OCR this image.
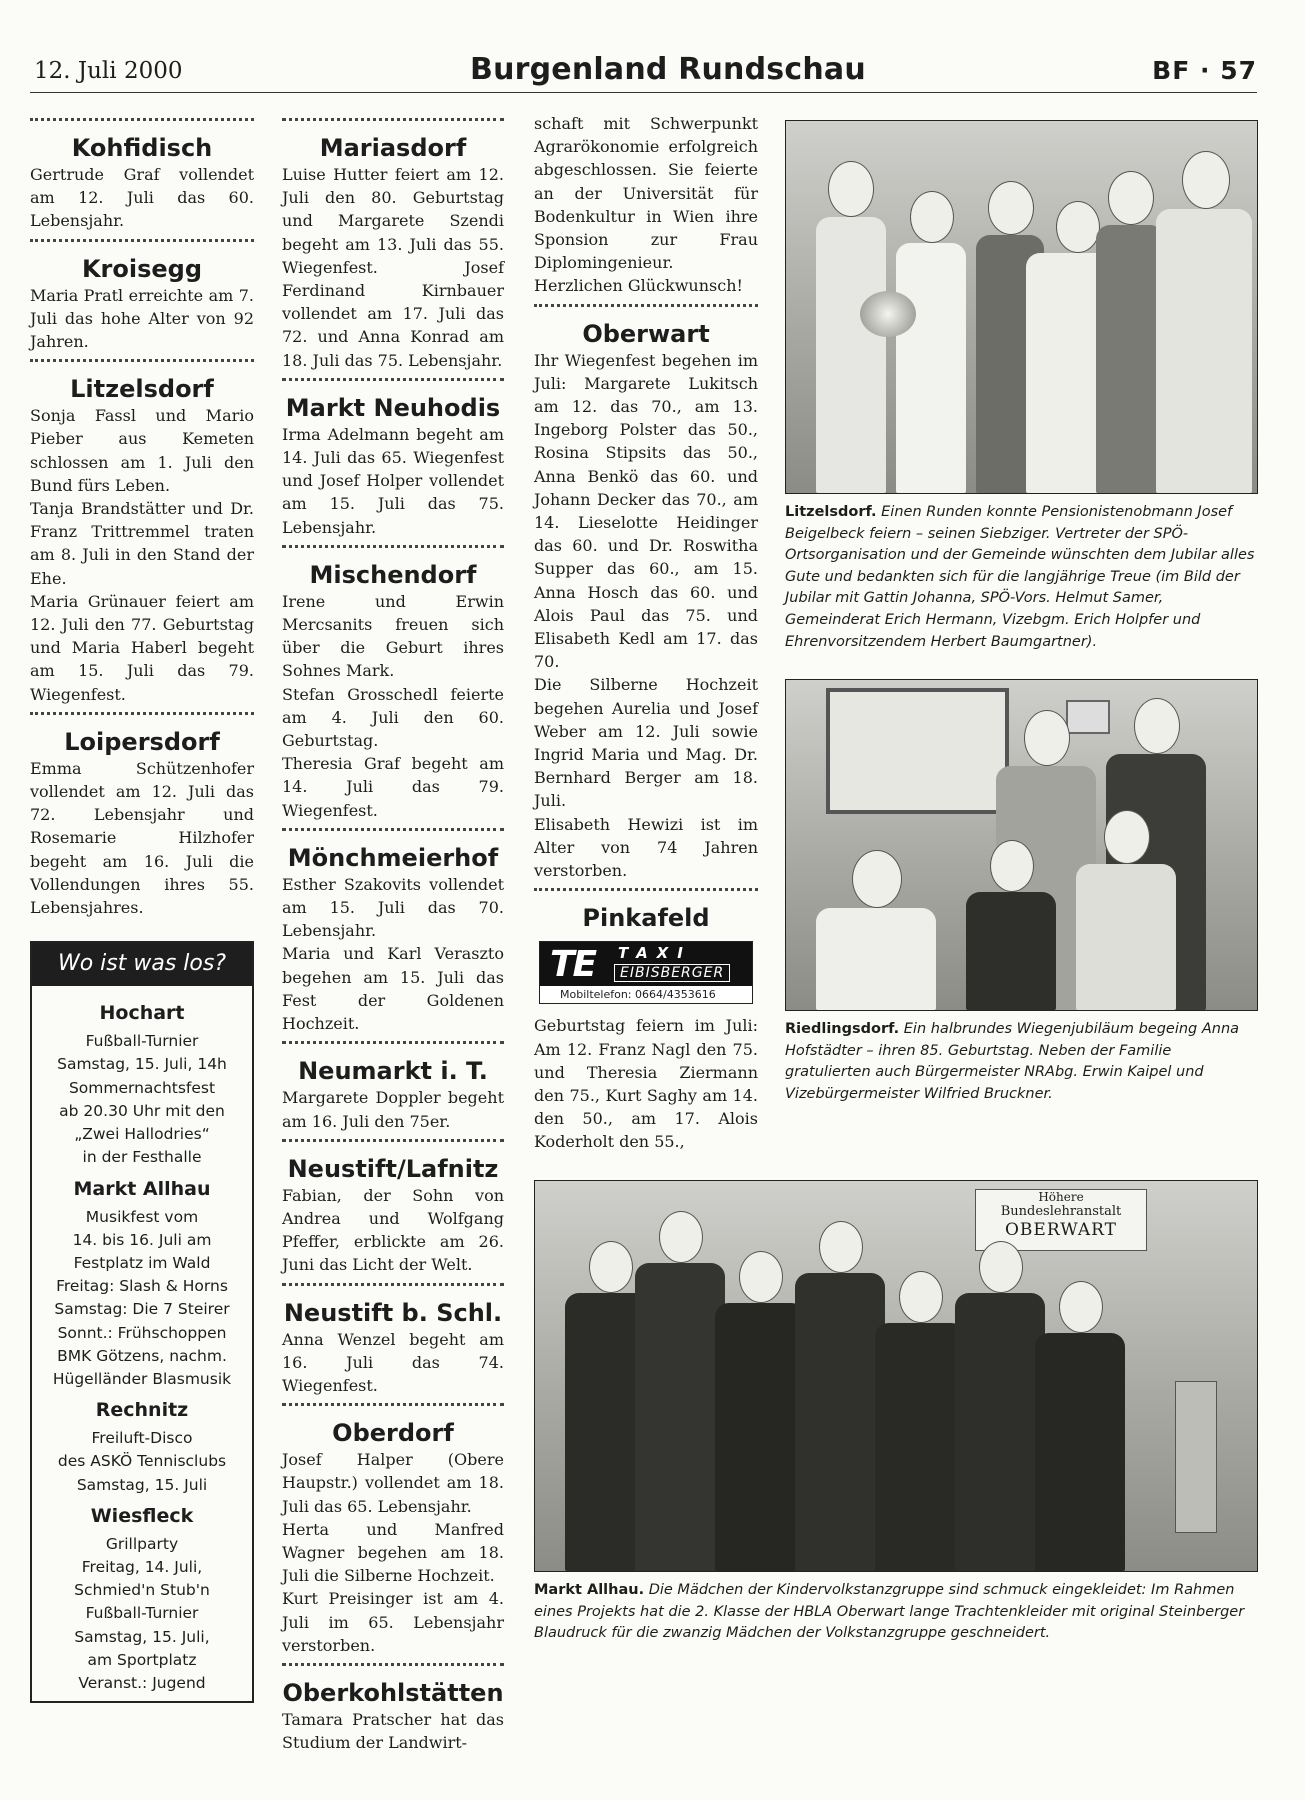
12. Juli 2000	Burgenland Rundschau	BF · 57
Kohfidisch

Gertrude Graf vollendet am 12. Juli das 60. Lebensjahr.

Kroisegg

Maria Pratl erreichte am 7. Juli das hohe Alter von 92 Jahren.

Litzelsdorf

Sonja Fassl und Mario Pieber aus Kemeten schlossen am 1. Juli den Bund fürs Leben.

Tanja Brandstätter und Dr. Franz Trittremmel traten am 8. Juli in den Stand der Ehe.

Maria Grünauer feiert am 12. Juli den 77. Geburtstag und Maria Haberl begeht am 15. Juli das 79. Wiegenfest.

Loipersdorf

Emma Schützenhofer vollendet am 12. Juli das 72. Lebensjahr und Rosemarie Hilzhofer begeht am 16. Juli die Vollendungen ihres 55. Lebensjahres.

Wo ist was los?
Hochart
Fußball-Turnier
Samstag, 15. Juli, 14h
Sommernachtsfest
ab 20.30 Uhr mit den
„Zwei Hallodries“
in der Festhalle
Markt Allhau
Musikfest vom
14. bis 16. Juli am
Festplatz im Wald
Freitag: Slash & Horns
Samstag: Die 7 Steirer
Sonnt.: Frühschoppen
BMK Götzens, nachm.
Hügelländer Blasmusik
Rechnitz
Freiluft-Disco
des ASKÖ Tennisclubs
Samstag, 15. Juli
Wiesfleck
Grillparty
Freitag, 14. Juli,
Schmied'n Stub'n
Fußball-Turnier
Samstag, 15. Juli,
am Sportplatz
Veranst.: Jugend
Mariasdorf

Luise Hutter feiert am 12. Juli den 80. Geburtstag und Margarete Szendi begeht am 13. Juli das 55. Wiegenfest. Josef Ferdinand Kirnbauer vollendet am 17. Juli das 72. und Anna Konrad am 18. Juli das 75. Lebensjahr.

Markt Neuhodis

Irma Adelmann begeht am 14. Juli das 65. Wiegenfest und Josef Holper vollendet am 15. Juli das 75. Lebensjahr.

Mischendorf

Irene und Erwin Mercsanits freuen sich über die Geburt ihres Sohnes Mark.

Stefan Grosschedl feierte am 4. Juli den 60. Geburtstag.

Theresia Graf begeht am 14. Juli das 79. Wiegenfest.

Mönchmeierhof

Esther Szakovits vollendet am 15. Juli das 70. Lebensjahr.

Maria und Karl Veraszto begehen am 15. Juli das Fest der Goldenen Hochzeit.

Neumarkt i. T.

Margarete Doppler begeht am 16. Juli den 75er.

Neustift/Lafnitz

Fabian, der Sohn von Andrea und Wolfgang Pfeffer, erblickte am 26. Juni das Licht der Welt.

Neustift b. Schl.

Anna Wenzel begeht am 16. Juli das 74. Wiegenfest.

Oberdorf

Josef Halper (Obere Haupstr.) vollendet am 18. Juli das 65. Lebensjahr.

Herta und Manfred Wagner begehen am 18. Juli die Silberne Hochzeit.

Kurt Preisinger ist am 4. Juli im 65. Lebensjahr verstorben.

Oberkohlstätten

Tamara Pratscher hat das Studium der Landwirt-

schaft mit Schwerpunkt Agrarökonomie erfolgreich abgeschlossen. Sie feierte an der Universität für Bodenkultur in Wien ihre Sponsion zur Frau Diplomingenieur. Herzlichen Glückwunsch!

Oberwart

Ihr Wiegenfest begehen im Juli: Margarete Lukitsch am 12. das 70., am 13. Ingeborg Polster das 50., Rosina Stipsits das 50., Anna Benkö das 60. und Johann Decker das 70., am 14. Lieselotte Heidinger das 60. und Dr. Roswitha Supper das 60., am 15. Anna Hosch das 60. und Alois Paul das 75. und Elisabeth Kedl am 17. das 70.

Die Silberne Hochzeit begehen Aurelia und Josef Weber am 12. Juli sowie Ingrid Maria und Mag. Dr. Bernhard Berger am 18. Juli.

Elisabeth Hewizi ist im Alter von 74 Jahren verstorben.

Pinkafeld
TE TAXI
EIBISBERGER
Mobiltelefon: 0664/4353616

Geburtstag feiern im Juli: Am 12. Franz Nagl den 75. und Theresia Ziermann den 75., Kurt Saghy am 14. den 50., am 17. Alois Koderholt den 55.,

Litzelsdorf. Einen Runden konnte Pensionistenobmann Josef Beigelbeck feiern – seinen Siebziger. Vertreter der SPÖ-Ortsorganisation und der Gemeinde wünschten dem Jubilar alles Gute und bedankten sich für die langjährige Treue (im Bild der Jubilar mit Gattin Johanna, SPÖ-Vors. Helmut Samer, Gemeinderat Erich Hermann, Vizebgm. Erich Holpfer und Ehrenvorsitzendem Herbert Baumgartner).

Riedlingsdorf. Ein halbrundes Wiegenjubiläum begeing Anna Hofstädter – ihren 85. Geburtstag. Neben der Familie gratulierten auch Bürgermeister NRAbg. Erwin Kaipel und Vizebürgermeister Wilfried Bruckner.

Höhere
Bundeslehranstalt
OBERWART

Markt Allhau. Die Mädchen der Kindervolkstanzgruppe sind schmuck eingekleidet: Im Rahmen eines Projekts hat die 2. Klasse der HBLA Oberwart lange Trachtenkleider mit original Steinberger Blaudruck für die zwanzig Mädchen der Volkstanzgruppe geschneidert.
